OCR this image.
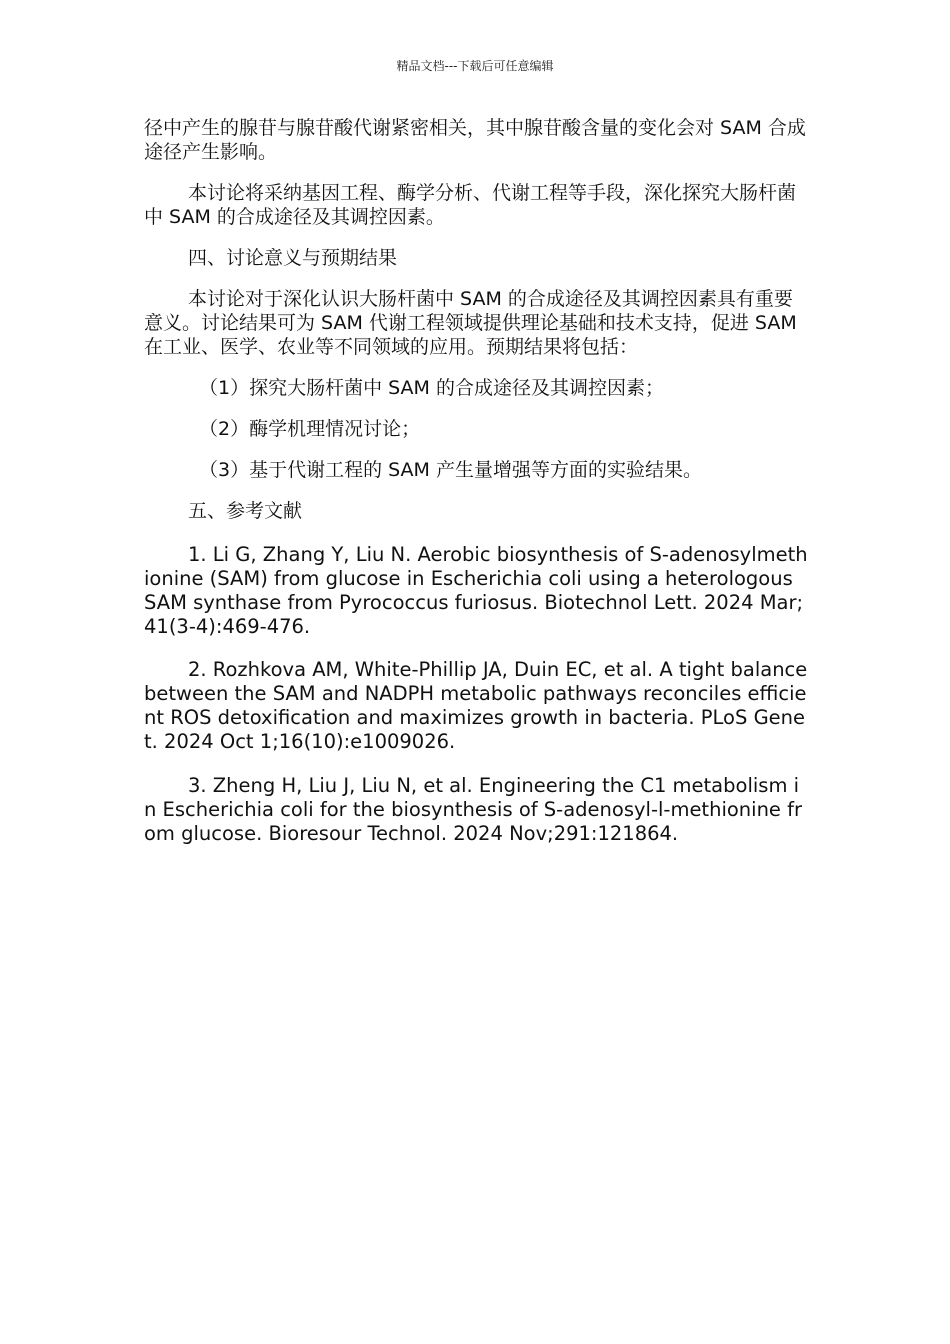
精品文档---下载后可任意编辑

径中产生的腺苷与腺苷酸代谢紧密相关，其中腺苷酸含量的变化会对 SAM 合成途径产生影响。

本讨论将采纳基因工程、酶学分析、代谢工程等手段，深化探究大肠杆菌中 SAM 的合成途径及其调控因素。

四、讨论意义与预期结果

本讨论对于深化认识大肠杆菌中 SAM 的合成途径及其调控因素具有重要意义。讨论结果可为 SAM 代谢工程领域提供理论基础和技术支持，促进 SAM 在工业、医学、农业等不同领域的应用。预期结果将包括：

（1）探究大肠杆菌中 SAM 的合成途径及其调控因素；

（2）酶学机理情况讨论；

（3）基于代谢工程的 SAM 产生量增强等方面的实验结果。

五、参考文献

1. Li G, Zhang Y, Liu N. Aerobic biosynthesis of S-adenosylmethionine (SAM) from glucose in Escherichia coli using a heterologous SAM synthase from Pyrococcus furiosus. Biotechnol Lett. 2024 Mar;41(3-4):469-476.

2. Rozhkova AM, White-Phillip JA, Duin EC, et al. A tight balance between the SAM and NADPH metabolic pathways reconciles efficient ROS detoxification and maximizes growth in bacteria. PLoS Genet. 2024 Oct 1;16(10):e1009026.

3. Zheng H, Liu J, Liu N, et al. Engineering the C1 metabolism in Escherichia coli for the biosynthesis of S-adenosyl-l-methionine from glucose. Bioresour Technol. 2024 Nov;291:121864.
